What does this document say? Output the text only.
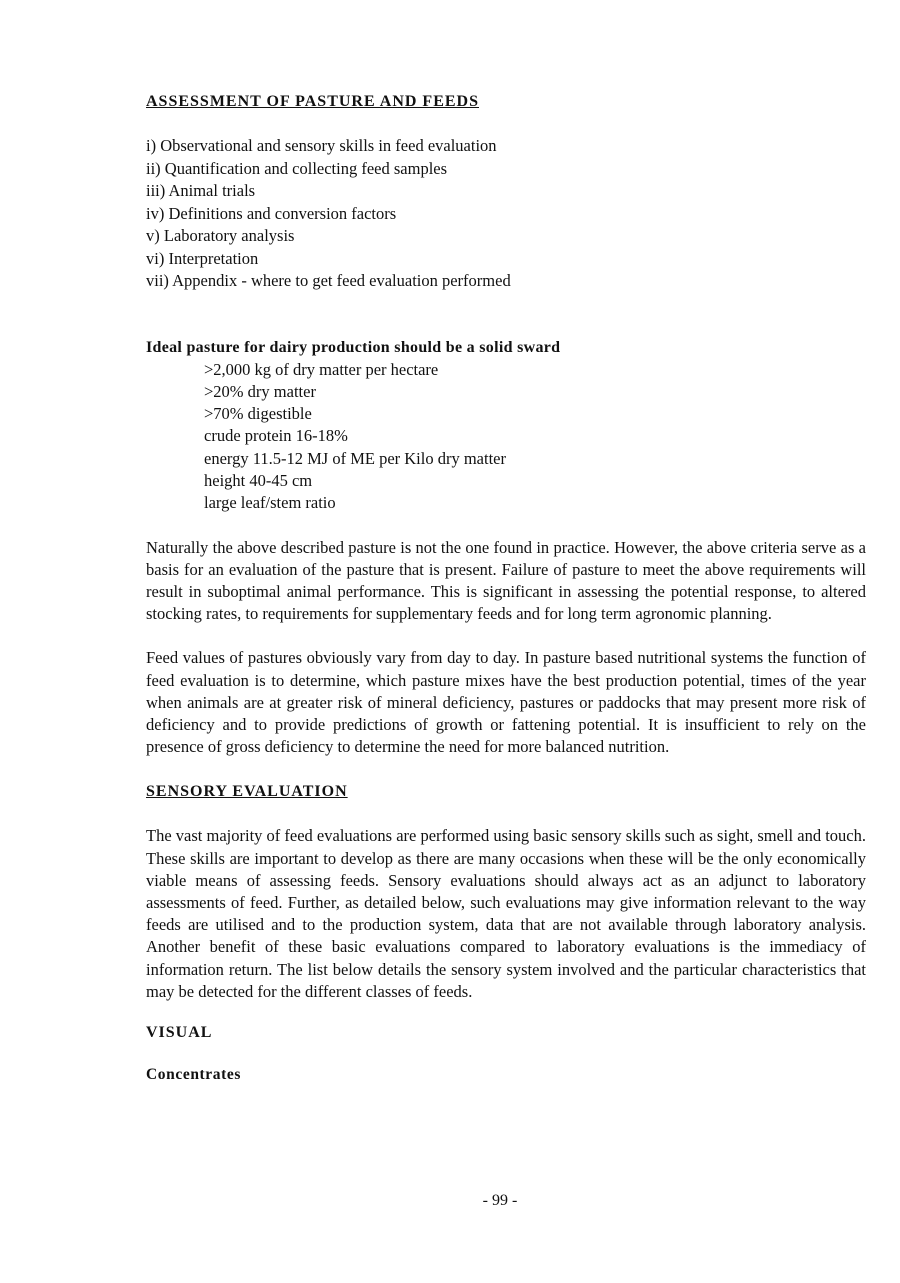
ASSESSMENT OF PASTURE AND FEEDS
i) Observational and sensory skills in feed evaluation
ii) Quantification and collecting feed samples
iii) Animal trials
iv) Definitions and conversion factors
v) Laboratory analysis
vi) Interpretation
vii) Appendix - where to get feed evaluation performed
Ideal pasture for dairy production should be a solid sward
>2,000 kg of dry matter per hectare
>20% dry matter
>70% digestible
crude protein 16-18%
energy 11.5-12 MJ of ME per Kilo dry matter
height 40-45 cm
large leaf/stem ratio

Naturally the above described pasture is not the one found in practice. However, the above criteria serve as a basis for an evaluation of the pasture that is present. Failure of pasture to meet the above requirements will result in suboptimal animal performance. This is significant in assessing the potential response, to altered stocking rates, to requirements for supplementary feeds and for long term agronomic planning.

Feed values of pastures obviously vary from day to day. In pasture based nutritional systems the function of feed evaluation is to determine, which pasture mixes have the best production potential, times of the year when animals are at greater risk of mineral deficiency, pastures or paddocks that may present more risk of deficiency and to provide predictions of growth or fattening potential. It is insufficient to rely on the presence of gross deficiency to determine the need for more balanced nutrition.

SENSORY EVALUATION

The vast majority of feed evaluations are performed using basic sensory skills such as sight, smell and touch. These skills are important to develop as there are many occasions when these will be the only economically viable means of assessing feeds. Sensory evaluations should always act as an adjunct to laboratory assessments of feed. Further, as detailed below, such evaluations may give information relevant to the way feeds are utilised and to the production system, data that are not available through laboratory analysis. Another benefit of these basic evaluations compared to laboratory evaluations is the immediacy of information return. The list below details the sensory system involved and the particular characteristics that may be detected for the different classes of feeds.

VISUAL
Concentrates
- 99 -
